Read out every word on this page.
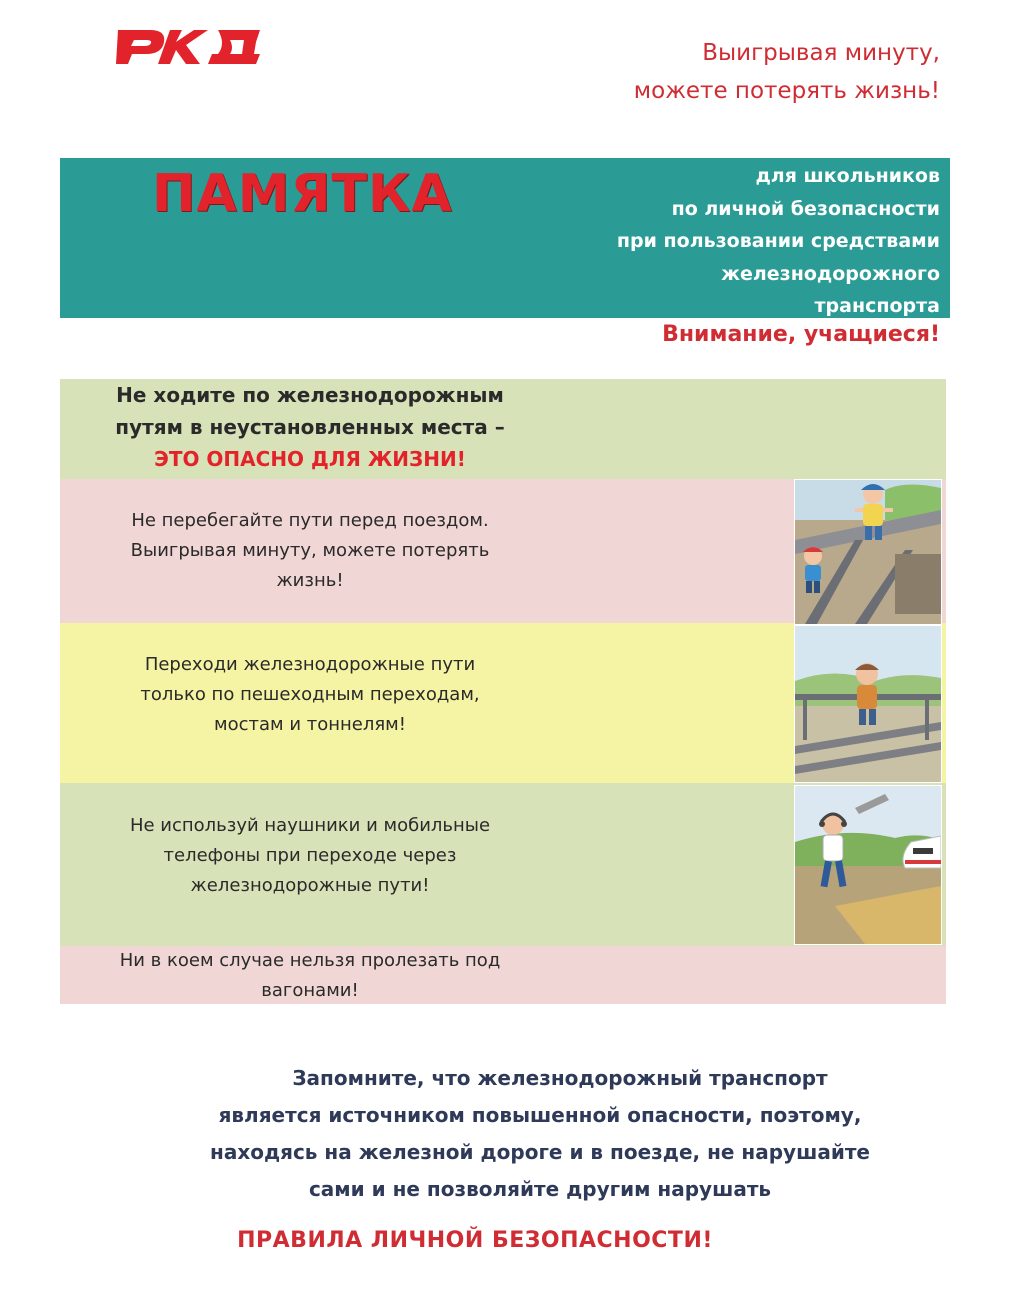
Выигрывая минуту,
можете потерять жизнь!
ПАМЯТКА	для школьников
по личной безопасности
при пользовании средствами
железнодорожного
транспорта
Внимание, учащиеся!
Не ходите по железнодорожным
путям в неустановленных места –
ЭТО ОПАСНО ДЛЯ ЖИЗНИ!
Не перебегайте пути перед поездом.
Выигрывая минуту, можете потерять
жизнь!
Переходи железнодорожные пути
только по пешеходным переходам,
мостам и тоннелям!
Не используй наушники и мобильные
телефоны при переходе через
железнодорожные пути!
Ни в коем случае нельзя пролезать под
вагонами!
Запомните, что железнодорожный транспорт
является источником повышенной опасности, поэтому,
находясь на железной дороге и в поезде, не нарушайте
сами и не позволяйте другим нарушать
ПРАВИЛА ЛИЧНОЙ БЕЗОПАСНОСТИ!
